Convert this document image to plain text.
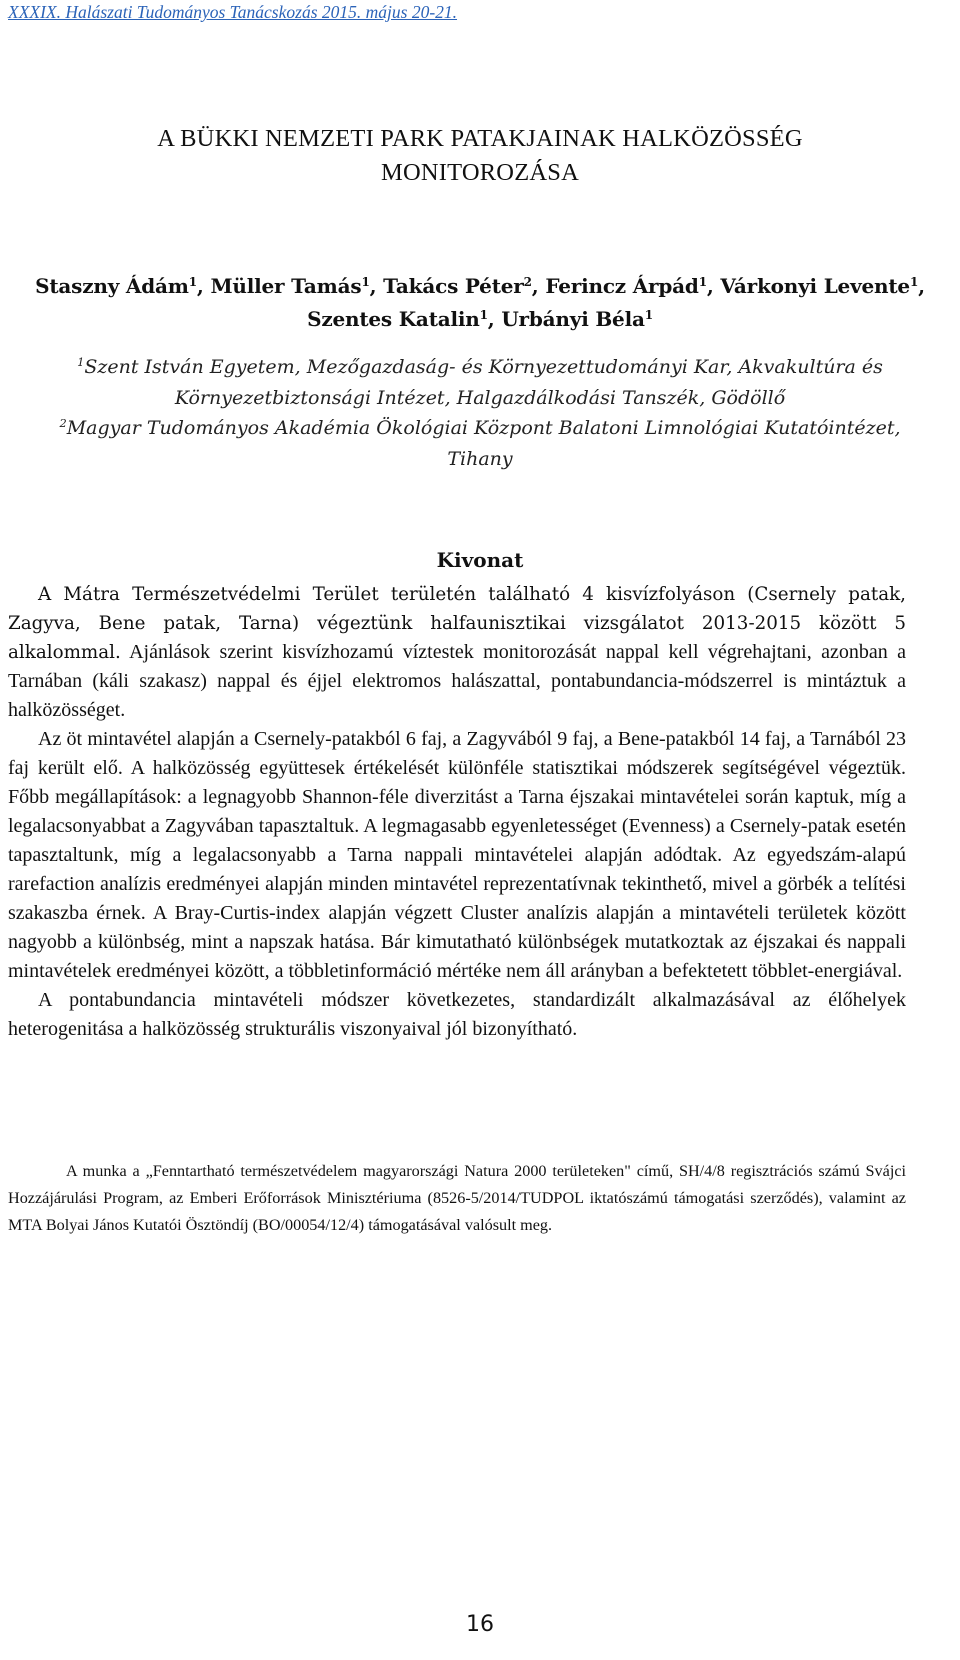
XXXIX. Halászati Tudományos Tanácskozás 2015. május 20-21.
A BÜKKI NEMZETI PARK PATAKJAINAK HALKÖZÖSSÉG
MONITOROZÁSA
Staszny Ádám$^1$, Müller Tamás$^1$, Takács Péter$^2$, Ferincz Árpád$^1$, Várkonyi Levente$^1$,
Szentes Katalin$^1$, Urbányi Béla$^1$
$^1$Szent István Egyetem, Mezőgazdaság- és Környezettudományi Kar, Akvakultúra és
Környezetbiztonsági Intézet, Halgazdálkodási Tanszék, Gödöllő
$^2$Magyar Tudományos Akadémia Ökológiai Központ Balatoni Limnológiai Kutatóintézet,
Tihany
Kivonat

A Mátra Természetvédelmi Terület területén található 4 kisvízfolyáson (Csernely patak, Zagyva, Bene patak, Tarna) végeztünk halfaunisztikai vizsgálatot 2013-2015 között 5 alkalommal. Ajánlások szerint kisvízhozamú víztestek monitorozását nappal kell végrehajtani, azonban a Tarnában (káli szakasz) nappal és éjjel elektromos halászattal, pontabundancia-módszerrel is mintáztuk a halközösséget.

Az öt mintavétel alapján a Csernely-patakból 6 faj, a Zagyvából 9 faj, a Bene-patakból 14 faj, a Tarnából 23 faj került elő. A halközösség együttesek értékelését különféle statisztikai módszerek segítségével végeztük. Főbb megállapítások: a legnagyobb Shannon-féle diverzitást a Tarna éjszakai mintavételei során kaptuk, míg a legalacsonyabbat a Zagyvában tapasztaltuk. A legmagasabb egyenletességet (Evenness) a Csernely-patak esetén tapasztaltunk, míg a legalacsonyabb a Tarna nappali mintavételei alapján adódtak. Az egyedszám-alapú rarefaction analízis eredményei alapján minden mintavétel reprezentatívnak tekinthető, mivel a görbék a telítési szakaszba érnek. A Bray-Curtis-index alapján végzett Cluster analízis alapján a mintavételi területek között nagyobb a különbség, mint a napszak hatása. Bár kimutatható különbségek mutatkoztak az éjszakai és nappali mintavételek eredményei között, a többletinformáció mértéke nem áll arányban a befektetett többlet-energiával.

A pontabundancia mintavételi módszer következetes, standardizált alkalmazásával az élőhelyek heterogenitása a halközösség strukturális viszonyaival jól bizonyítható.

A munka a „Fenntartható természetvédelem magyarországi Natura 2000 területeken" című, SH/4/8 regisztrációs számú Svájci Hozzájárulási Program, az Emberi Erőforrások Minisztériuma (8526-5/2014/TUDPOL iktatószámú támogatási szerződés), valamint az MTA Bolyai János Kutatói Ösztöndíj (BO/00054/12/4) támogatásával valósult meg.
16
